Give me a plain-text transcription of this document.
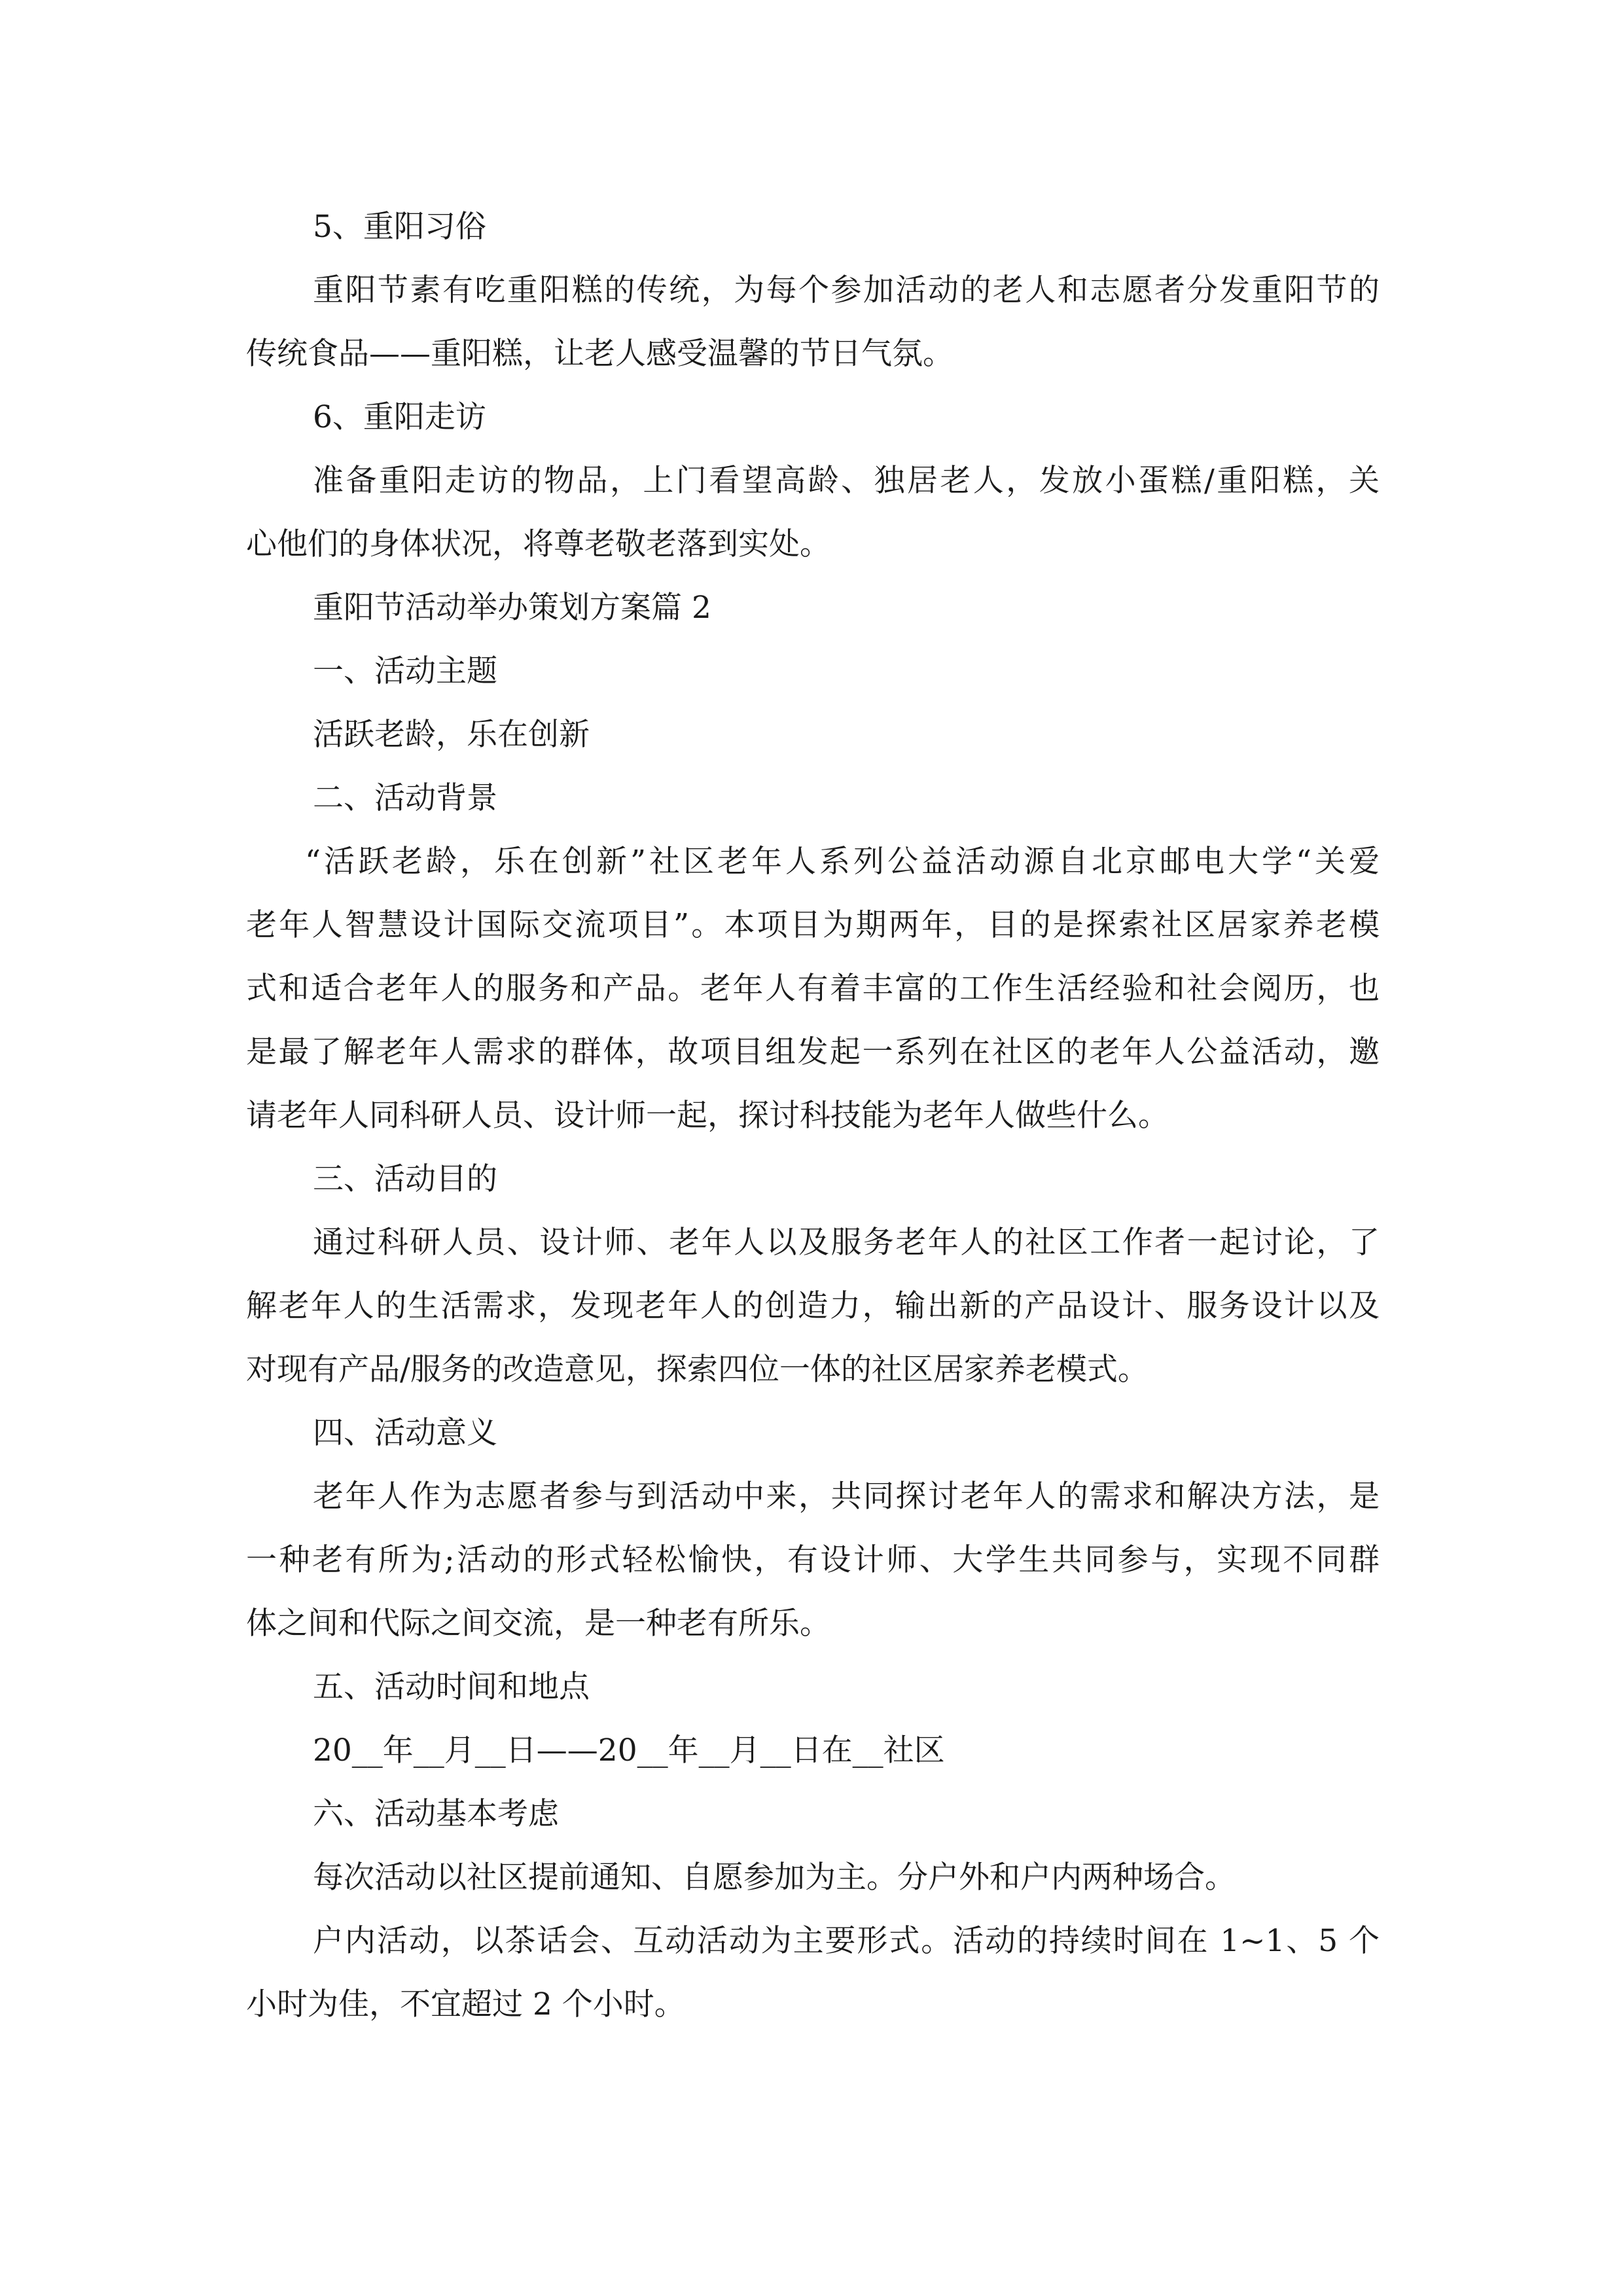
5、重阳习俗

重阳节素有吃重阳糕的传统，为每个参加活动的老人和志愿者分发重阳节的

传统食品——重阳糕，让老人感受温馨的节日气氛。

6、重阳走访

准备重阳走访的物品，上门看望高龄、独居老人，发放小蛋糕/重阳糕，关

心他们的身体状况，将尊老敬老落到实处。

重阳节活动举办策划方案篇 2

一、活动主题

活跃老龄，乐在创新

二、活动背景

“活跃老龄，乐在创新”社区老年人系列公益活动源自北京邮电大学“关爱

老年人智慧设计国际交流项目”。本项目为期两年，目的是探索社区居家养老模

式和适合老年人的服务和产品。老年人有着丰富的工作生活经验和社会阅历，也

是最了解老年人需求的群体，故项目组发起一系列在社区的老年人公益活动，邀

请老年人同科研人员、设计师一起，探讨科技能为老年人做些什么。

三、活动目的

通过科研人员、设计师、老年人以及服务老年人的社区工作者一起讨论，了

解老年人的生活需求，发现老年人的创造力，输出新的产品设计、服务设计以及

对现有产品/服务的改造意见，探索四位一体的社区居家养老模式。

四、活动意义

老年人作为志愿者参与到活动中来，共同探讨老年人的需求和解决方法，是

一种老有所为;活动的形式轻松愉快，有设计师、大学生共同参与，实现不同群

体之间和代际之间交流，是一种老有所乐。

五、活动时间和地点

20__年__月__日——20__年__月__日在__社区

六、活动基本考虑

每次活动以社区提前通知、自愿参加为主。分户外和户内两种场合。

户内活动，以茶话会、互动活动为主要形式。活动的持续时间在 1~1、5 个

小时为佳，不宜超过 2 个小时。
